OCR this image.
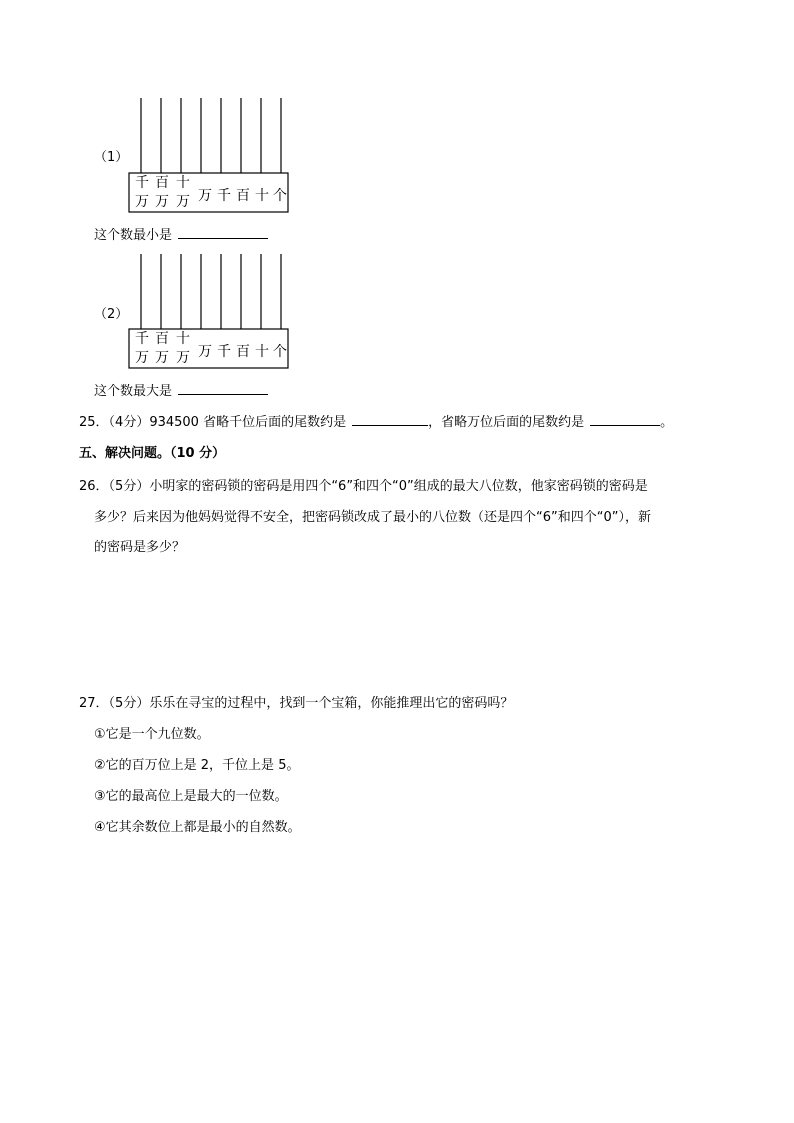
（1）
千
万
百
万
十
万 万 千 百 十 个
这个数最小是
（2）
千
万
百
万
十
万 万 千 百 十 个
这个数最大是
25．（4分）934500 省略千位后面的尾数约是	，省略万位后面的尾数约是	。
五、解决问题。（10 分）
26．（5分）小明家的密码锁的密码是用四个“6”和四个“0”组成的最大八位数，他家密码锁的密码是
多少？后来因为他妈妈觉得不安全，把密码锁改成了最小的八位数（还是四个“6”和四个“0”），新
的密码是多少？
27．（5分）乐乐在寻宝的过程中，找到一个宝箱，你能推理出它的密码吗？
①它是一个九位数。
②它的百万位上是 2，千位上是 5。
③它的最高位上是最大的一位数。
④它其余数位上都是最小的自然数。
